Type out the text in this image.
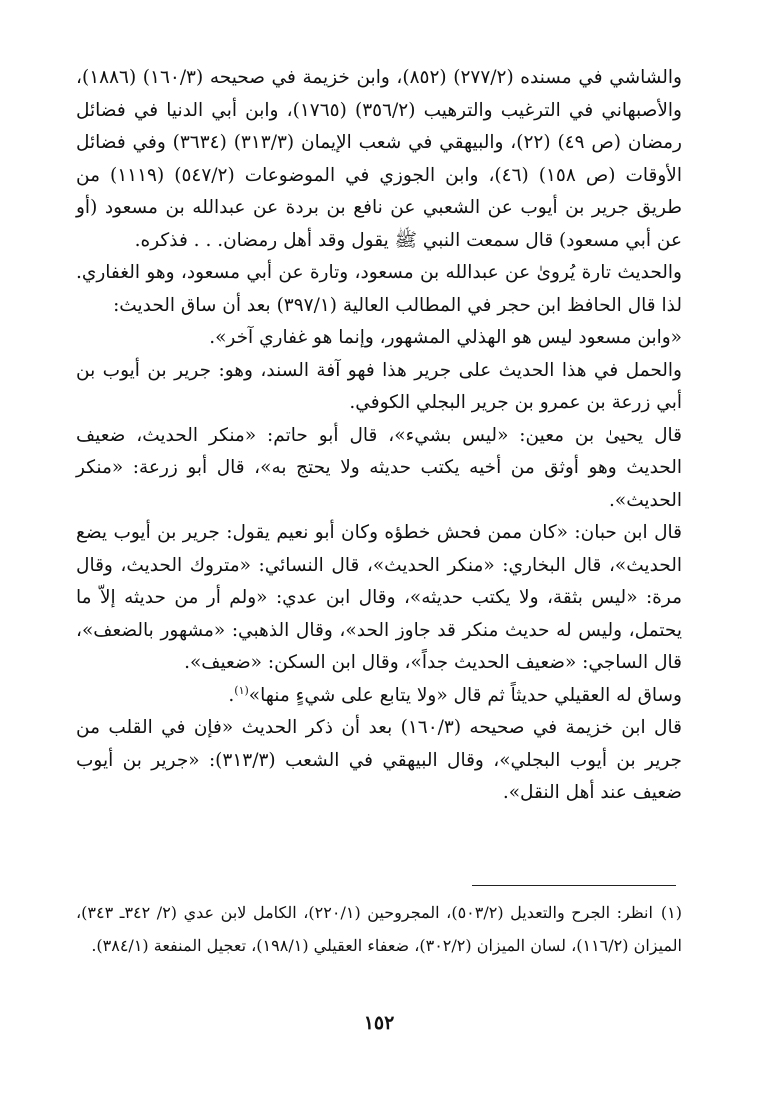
والشاشي في مسنده (٢٧٧/٢) (٨٥٢)، وابن خزيمة في صحيحه (١٦٠/٣) (١٨٨٦)، والأصبهاني في الترغيب والترهيب (٣٥٦/٢) (١٧٦٥)، وابن أبي الدنيا في فضائل رمضان (ص ٤٩) (٢٢)، والبيهقي في شعب الإيمان (٣١٣/٣) (٣٦٣٤) وفي فضائل الأوقات (ص ١٥٨) (٤٦)، وابن الجوزي في الموضوعات (٥٤٧/٢) (١١١٩) من طريق جرير بن أيوب عن الشعبي عن نافع بن بردة عن عبدالله بن مسعود (أو عن أبي مسعود) قال سمعت النبي ﷺ يقول وقد أهل رمضان. . . فذكره.

والحديث تارة يُروىٰ عن عبدالله بن مسعود، وتارة عن أبي مسعود، وهو الغفاري. لذا قال الحافظ ابن حجر في المطالب العالية (٣٩٧/١) بعد أن ساق الحديث:

«وابن مسعود ليس هو الهذلي المشهور، وإنما هو غفاري آخر».

والحمل في هذا الحديث على جرير هذا فهو آفة السند، وهو: جرير بن أيوب بن أبي زرعة بن عمرو بن جرير البجلي الكوفي.

قال يحيىٰ بن معين: «ليس بشيء»، قال أبو حاتم: «منكر الحديث، ضعيف الحديث وهو أوثق من أخيه يكتب حديثه ولا يحتج به»، قال أبو زرعة: «منكر الحديث».

قال ابن حبان: «كان ممن فحش خطؤه وكان أبو نعيم يقول: جرير بن أيوب يضع الحديث»، قال البخاري: «منكر الحديث»، قال النسائي: «متروك الحديث، وقال مرة: «ليس بثقة، ولا يكتب حديثه»، وقال ابن عدي: «ولم أر من حديثه إلاّ ما يحتمل، وليس له حديث منكر قد جاوز الحد»، وقال الذهبي: «مشهور بالضعف»، قال الساجي: «ضعيف الحديث جداً»، وقال ابن السكن: «ضعيف».

وساق له العقيلي حديثاً ثم قال «ولا يتابع على شيءٍ منها»$^{(١)}$.

قال ابن خزيمة في صحيحه (١٦٠/٣) بعد أن ذكر الحديث «فإن في القلب من جرير بن أيوب البجلي»، وقال البيهقي في الشعب (٣١٣/٣): «جرير بن أيوب ضعيف عند أهل النقل».

(١)انظر: الجرح والتعديل (٥٠٣/٢)، المجروحين (٢٢٠/١)، الكامل لابن عدي (٢/ ٣٤٢ـ ٣٤٣)، الميزان (١١٦/٢)، لسان الميزان (٣٠٢/٢)، ضعفاء العقيلي (١٩٨/١)، تعجيل المنفعة (٣٨٤/١).
١٥٢
